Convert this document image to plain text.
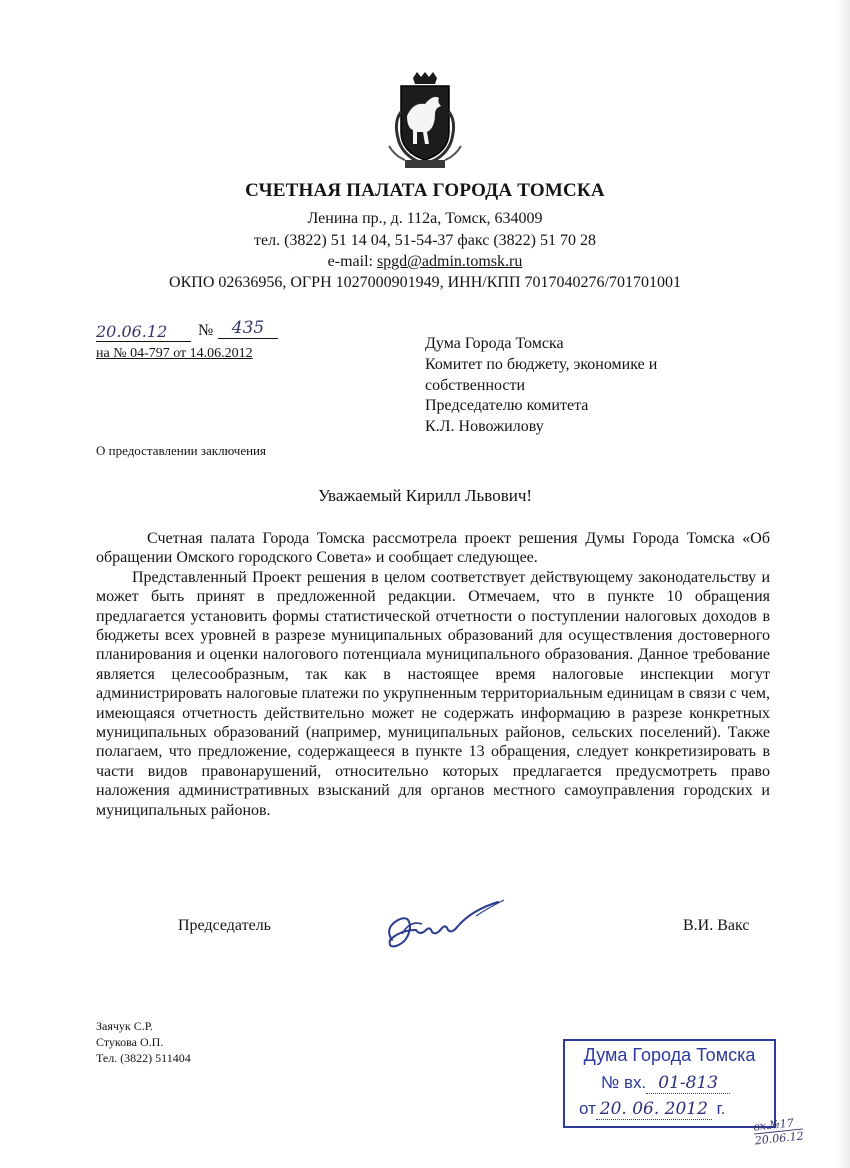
СЧЕТНАЯ ПАЛАТА ГОРОДА ТОМСКА
Ленина пр., д. 112а, Томск, 634009
тел. (3822) 51 14 04, 51-54-37 факс (3822) 51 70 28
e-mail: spgd@admin.tomsk.ru
ОКПО 02636956, ОГРН 1027000901949, ИНН/КПП 7017040276/701701001
20.06.12	№	435
на № 04-797 от 14.06.2012
Дума Города Томска
Комитет по бюджету, экономике и
собственности
Председателю комитета
К.Л. Новожилову
О предоставлении заключения
Уважаемый Кирилл Львович!

Счетная палата Города Томска рассмотрела проект решения Думы Города Томска «Об обращении Омского городского Совета» и сообщает следующее.

Представленный Проект решения в целом соответствует действующему законодательству и может быть принят в предложенной редакции. Отмечаем, что в пункте 10 обращения предлагается установить формы статистической отчетности о поступлении налоговых доходов в бюджеты всех уровней в разрезе муниципальных образований для осуществления достоверного планирования и оценки налогового потенциала муниципального образования. Данное требование является целесообразным, так как в настоящее время налоговые инспекции могут администрировать налоговые платежи по укрупненным территориальным единицам в связи с чем, имеющаяся отчетность действительно может не содержать информацию в разрезе конкретных муниципальных образований (например, муниципальных районов, сельских поселений). Также полагаем, что предложение, содержащееся в пункте 13 обращения, следует конкретизировать в части видов правонарушений, относительно которых предлагается предусмотреть право наложения административных взысканий для органов местного самоуправления городских и муниципальных районов.

Председатель	В.И. Вакс
Заячук С.Р.
Стукова О.П.
Тел. (3822) 511404	Дума Города Томска
№ вх. 01-813
от 20. 06. 2012 г.
вх.№17
20.06.12
